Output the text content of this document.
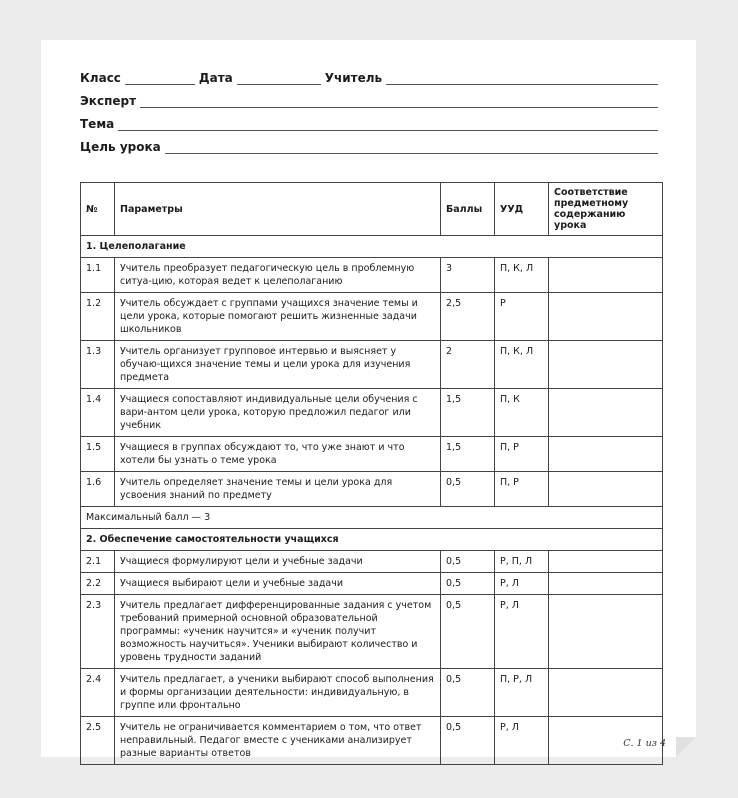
Класс	Дата	Учитель
Эксперт
Тема
Цель урока
№	Параметры	Баллы	УУД	Соответствие предметному содержанию урока
1. Целеполагание				
1.1	Учитель преобразует педагогическую цель в проблемную ситуа-цию, которая ведет к целеполаганию	3	П, К, Л	
1.2	Учитель обсуждает с группами учащихся значение темы и цели урока, которые помогают решить жизненные задачи школьников	2,5	Р	
1.3	Учитель организует групповое интервью и выясняет у обучаю-щихся значение темы и цели урока для изучения предмета	2	П, К, Л	
1.4	Учащиеся сопоставляют индивидуальные цели обучения с вари-антом цели урока, которую предложил педагог или учебник	1,5	П, К	
1.5	Учащиеся в группах обсуждают то, что уже знают и что хотели бы узнать о теме урока	1,5	П, Р	
1.6	Учитель определяет значение темы и цели урока для усвоения знаний по предмету	0,5	П, Р	
Максимальный балл — 3				
2. Обеспечение самостоятельности учащихся				
2.1	Учащиеся формулируют цели и учебные задачи	0,5	Р, П, Л	
2.2	Учащиеся выбирают цели и учебные задачи	0,5	Р, Л	
2.3	Учитель предлагает дифференцированные задания с учетом требований примерной основной образовательной программы: «ученик научится» и «ученик получит возможность научиться». Ученики выбирают количество и уровень трудности заданий	0,5	Р, Л	
2.4	Учитель предлагает, а ученики выбирают способ выполнения и формы организации деятельности: индивидуальную, в группе или фронтально	0,5	П, Р, Л	
2.5	Учитель не ограничивается комментарием о том, что ответ неправильный. Педагог вместе с учениками анализирует разные варианты ответов	0,5	Р, Л	
С. 1 из 4
